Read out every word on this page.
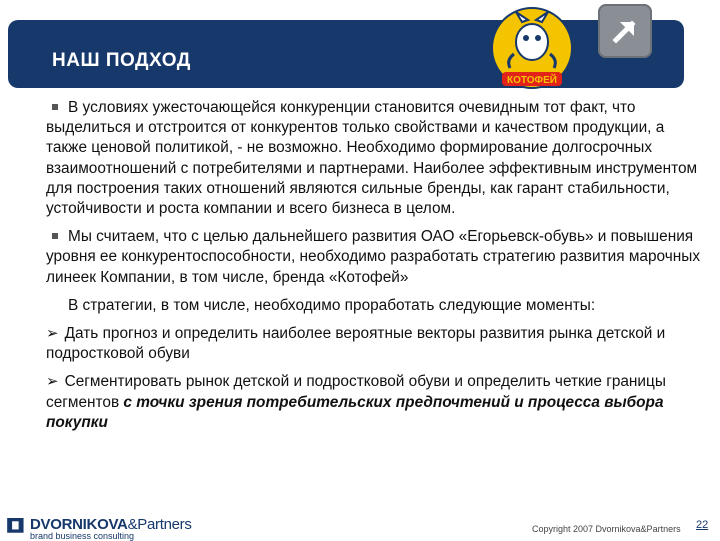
НАШ ПОДХОД
КОТОФЕЙ

В условиях ужесточающейся конкуренции становится очевидным тот факт, что выделиться и отстроится от конкурентов только свойствами и качеством продукции, а также ценовой политикой, - не возможно. Необходимо формирование долгосрочных взаимоотношений с потребителями и партнерами. Наиболее эффективным инструментом для построения таких отношений являются сильные бренды, как гарант стабильности, устойчивости и роста компании и всего бизнеса в целом.

Мы считаем, что с целью дальнейшего развития ОАО «Егорьевск-обувь» и повышения уровня ее конкурентоспособности, необходимо разработать стратегию развития марочных линеек Компании, в том числе, бренда «Котофей»

В стратегии, в том числе, необходимо проработать следующие моменты:

➢ Дать прогноз и определить наиболее вероятные векторы развития рынка детской и подростковой обуви

➢ Сегментировать рынок детской и подростковой обуви и определить четкие границы сегментов с точки зрения потребительских предпочтений и процесса выбора покупки

DVORNIKOVA&Partners
brand business consulting
Copyright 2007 Dvornikova&Partners 22
